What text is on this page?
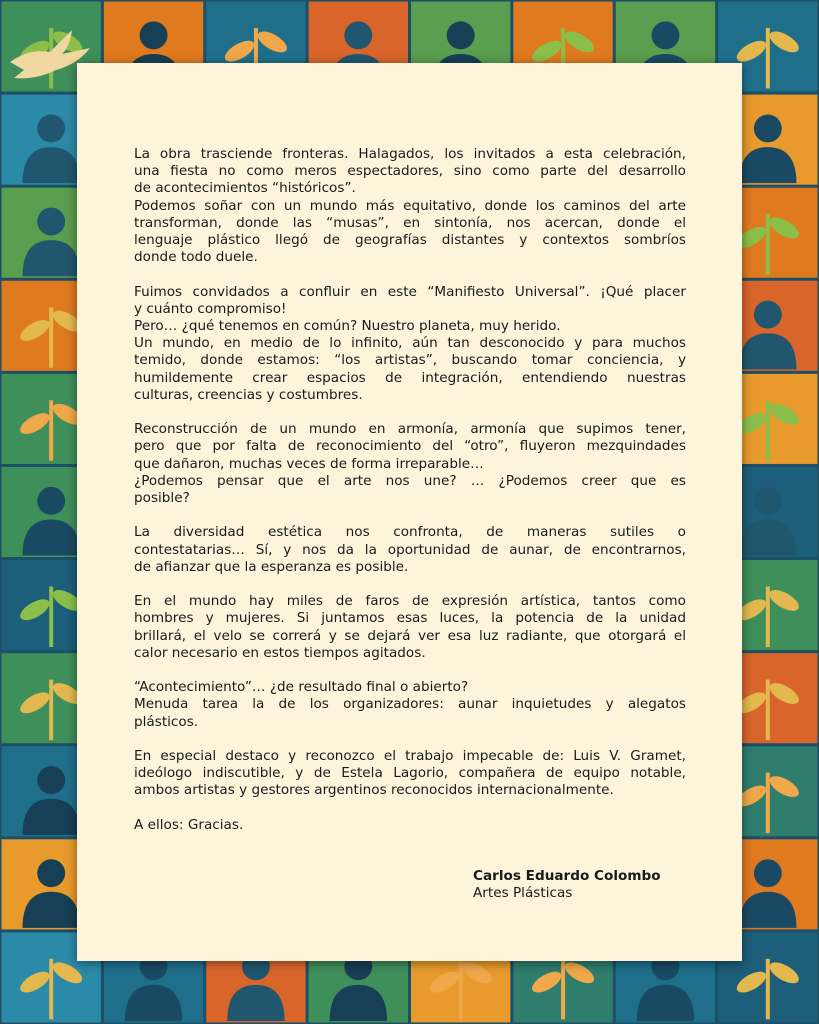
La obra trasciende fronteras. Halagados, los invitados a esta celebración,
una fiesta no como meros espectadores, sino como parte del desarrollo
de acontecimientos “históricos”.
Podemos soñar con un mundo más equitativo, donde los caminos del arte
transforman, donde las “musas”, en sintonía, nos acercan, donde el
lenguaje plástico llegó de geografías distantes y contextos sombríos
donde todo duele.
Fuimos convidados a confluir en este “Manifiesto Universal”. ¡Qué placer
y cuánto compromiso!
Pero… ¿qué tenemos en común? Nuestro planeta, muy herido.
Un mundo, en medio de lo infinito, aún tan desconocido y para muchos
temido, donde estamos: “los artistas”, buscando tomar conciencia, y
humildemente crear espacios de integración, entendiendo nuestras
culturas, creencias y costumbres.
Reconstrucción de un mundo en armonía, armonía que supimos tener,
pero que por falta de reconocimiento del “otro”, fluyeron mezquindades
que dañaron, muchas veces de forma irreparable…
¿Podemos pensar que el arte nos une? … ¿Podemos creer que es
posible?
La diversidad estética nos confronta, de maneras sutiles o
contestatarias… Sí, y nos da la oportunidad de aunar, de encontrarnos,
de afianzar que la esperanza es posible.
En el mundo hay miles de faros de expresión artística, tantos como
hombres y mujeres. Si juntamos esas luces, la potencia de la unidad
brillará, el velo se correrá y se dejará ver esa luz radiante, que otorgará el
calor necesario en estos tiempos agitados.
“Acontecimiento”… ¿de resultado final o abierto?
Menuda tarea la de los organizadores: aunar inquietudes y alegatos
plásticos.
En especial destaco y reconozco el trabajo impecable de: Luis V. Gramet,
ideólogo indiscutible, y de Estela Lagorio, compañera de equipo notable,
ambos artistas y gestores argentinos reconocidos internacionalmente.
A ellos: Gracias.
Carlos Eduardo Colombo
Artes Plásticas
